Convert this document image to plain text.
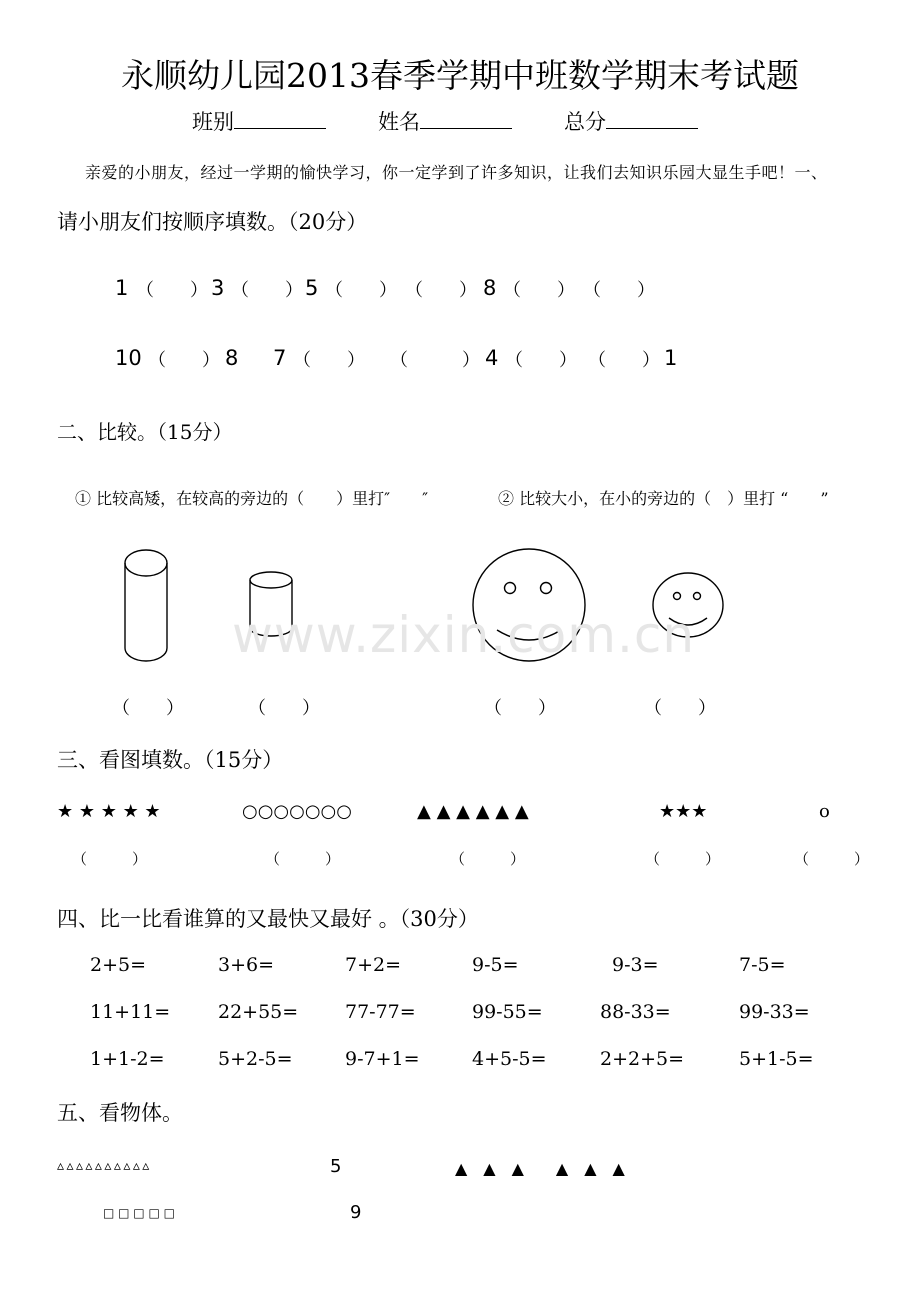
永顺幼儿园2013春季学期中班数学期末考试题
班别	姓名	总分
亲爱的小朋友，经过一学期的愉快学习，你一定学到了许多知识，让我们去知识乐园大显生手吧！一、
请小朋友们按顺序填数。（20分）
1 （　　） 3 （　　） 5 （　　） （　　） 8 （　　） （　　）
10 （　　） 8 7 （　　） （　　　） 4 （　　） （　　） 1
二、比较。（15分）
① 比较高矮，在较高的旁边的（　　）里打″　　″	② 比较大小，在小的旁边的（　）里打 “　　”
www.zixin.com.cn
（　　）	（　　）	（　　）	（　　）
三、看图填数。（15分）
★ ★ ★ ★ ★	○○○○○○○	▲ ▲ ▲ ▲ ▲ ▲	★★★	o
（　　　）	（　　　）	（　　　）	（　　　）	（　　　）
四、比一比看谁算的又最快又最好 。（30分）
2+5=	3+6=	7+2=	9-5=	9-3=	7-5=
11+11=	22+55= 77-77=	99-55=	88-33=	99-33=
1+1-2=	5+2-5=	9-7+1=	4+5-5=	2+2+5=	5+1-5=
五、看物体。
▵ ▵ ▵ ▵ ▵ ▵ ▵ ▵ ▵ ▵	5	▲　▲　▲　　▲　▲　▲
□ □ □ □ □	9
